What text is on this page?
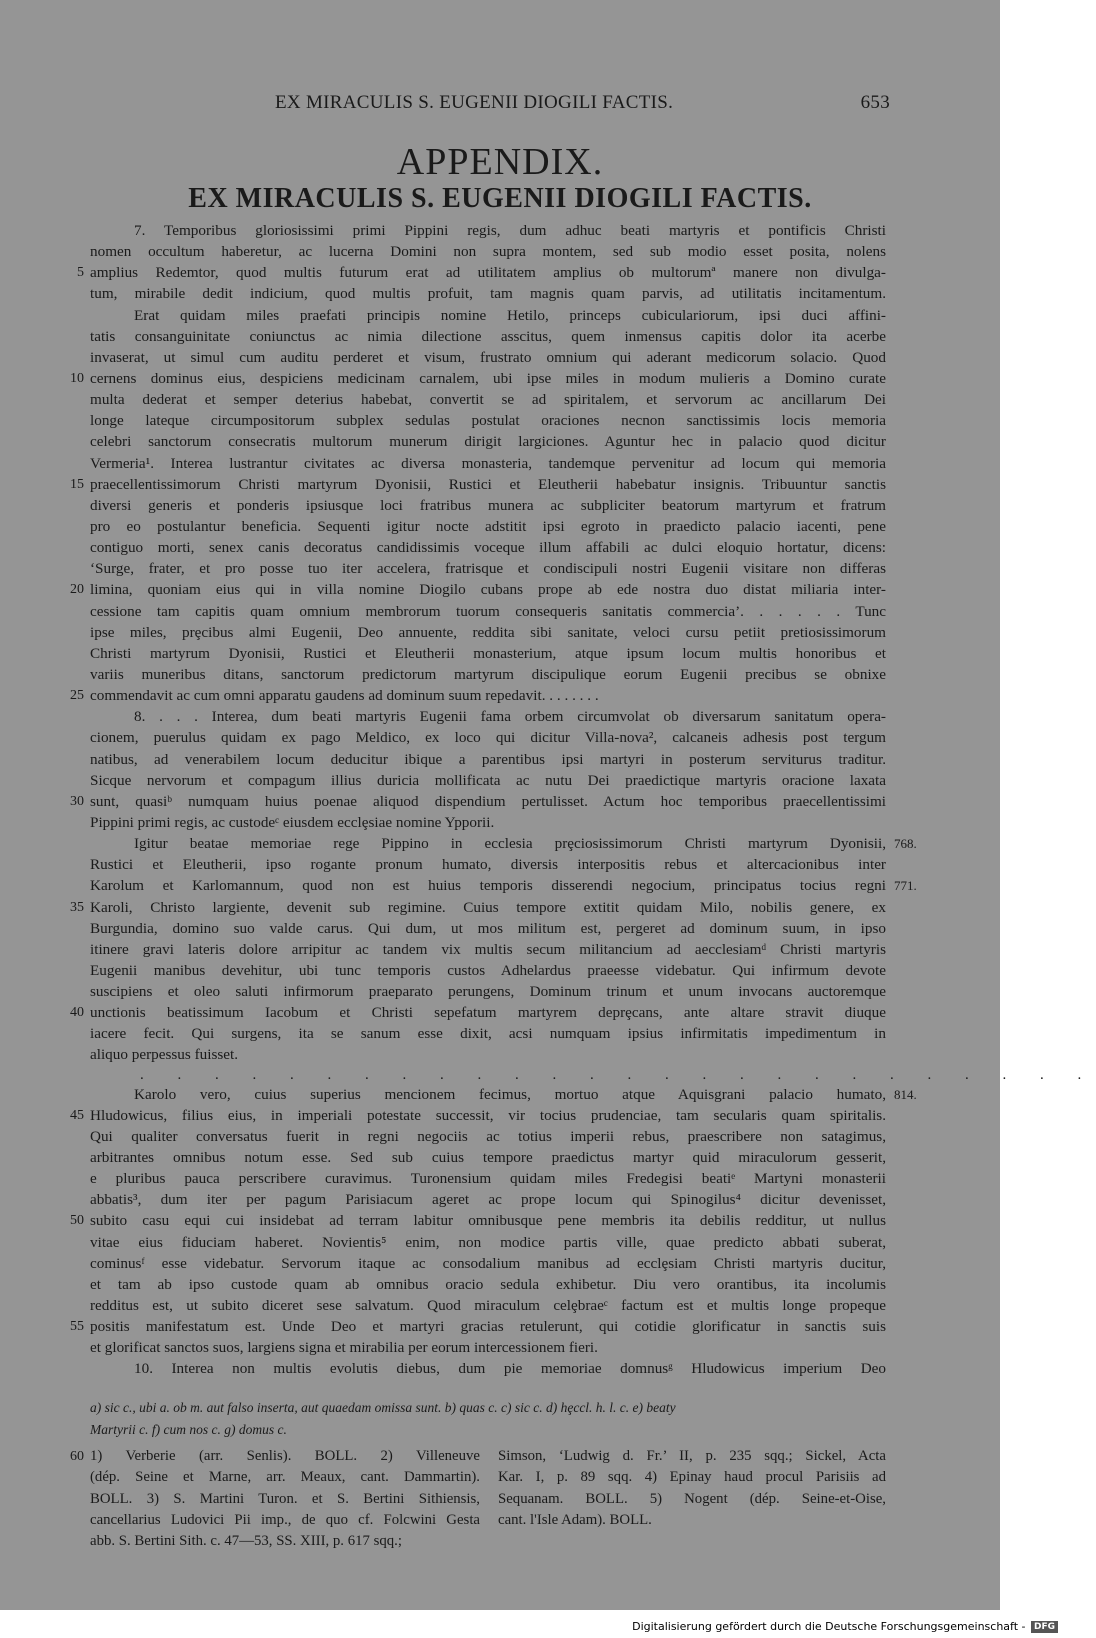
EX MIRACULIS S. EUGENII DIOGILI FACTIS.	653
APPENDIX.
EX MIRACULIS S. EUGENII DIOGILI FACTIS.
7. Temporibus gloriosissimi primi Pippini regis, dum adhuc beati martyris et pontificis Christi
nomen occultum haberetur, ac lucerna Domini non supra montem, sed sub modio esset posita, nolens
5 amplius Redemtor, quod multis futurum erat ad utilitatem amplius ob multorumª manere non divulga-
tum, mirabile dedit indicium, quod multis profuit, tam magnis quam parvis, ad utilitatis incitamentum.
Erat quidam miles praefati principis nomine Hetilo, princeps cubiculariorum, ipsi duci affini-
tatis consanguinitate coniunctus ac nimia dilectione asscitus, quem inmensus capitis dolor ita acerbe
invaserat, ut simul cum auditu perderet et visum, frustrato omnium qui aderant medicorum solacio. Quod
10 cernens dominus eius, despiciens medicinam carnalem, ubi ipse miles in modum mulieris a Domino curate
multa dederat et semper deterius habebat, convertit se ad spiritalem, et servorum ac ancillarum Dei
longe lateque circumpositorum subplex sedulas postulat oraciones necnon sanctissimis locis memoria
celebri sanctorum consecratis multorum munerum dirigit largiciones. Aguntur hec in palacio quod dicitur
Vermeria¹. Interea lustrantur civitates ac diversa monasteria, tandemque pervenitur ad locum qui memoria
15 praecellentissimorum Christi martyrum Dyonisii, Rustici et Eleutherii habebatur insignis. Tribuuntur sanctis
diversi generis et ponderis ipsiusque loci fratribus munera ac subpliciter beatorum martyrum et fratrum
pro eo postulantur beneficia. Sequenti igitur nocte adstitit ipsi egroto in praedicto palacio iacenti, pene
contiguo morti, senex canis decoratus candidissimis voceque illum affabili ac dulci eloquio hortatur, dicens:
‘Surge, frater, et pro posse tuo iter accelera, fratrisque et condiscipuli nostri Eugenii visitare non differas
20 limina, quoniam eius qui in villa nomine Diogilo cubans prope ab ede nostra duo distat miliaria inter-
cessione tam capitis quam omnium membrorum tuorum consequeris sanitatis commercia’. . . . . . Tunc
ipse miles, prȩcibus almi Eugenii, Deo annuente, reddita sibi sanitate, veloci cursu petiit pretiosissimorum
Christi martyrum Dyonisii, Rustici et Eleutherii monasterium, atque ipsum locum multis honoribus et
variis muneribus ditans, sanctorum predictorum martyrum discipulique eorum Eugenii precibus se obnixe
25 commendavit ac cum omni apparatu gaudens ad dominum suum repedavit. . . . . . . .
8. . . . Interea, dum beati martyris Eugenii fama orbem circumvolat ob diversarum sanitatum opera-
cionem, puerulus quidam ex pago Meldico, ex loco qui dicitur Villa-nova², calcaneis adhesis post tergum
natibus, ad venerabilem locum deducitur ibique a parentibus ipsi martyri in posterum serviturus traditur.
Sicque nervorum et compagum illius duricia mollificata ac nutu Dei praedictique martyris oracione laxata
30 sunt, quasiᵇ numquam huius poenae aliquod dispendium pertulisset. Actum hoc temporibus praecellentissimi
Pippini primi regis, ac custodeᶜ eiusdem ecclȩsiae nomine Ypporii.
Igitur beatae memoriae rege Pippino in ecclesia prȩciosissimorum Christi martyrum Dyonisii, 768.
Rustici et Eleutherii, ipso rogante pronum humato, diversis interpositis rebus et altercacionibus inter
Karolum et Karlomannum, quod non est huius temporis disserendi negocium, principatus tocius regni 771.
35 Karoli, Christo largiente, devenit sub regimine. Cuius tempore extitit quidam Milo, nobilis genere, ex
Burgundia, domino suo valde carus. Qui dum, ut mos militum est, pergeret ad dominum suum, in ipso
itinere gravi lateris dolore arripitur ac tandem vix multis secum militancium ad aecclesiamᵈ Christi martyris
Eugenii manibus devehitur, ubi tunc temporis custos Adhelardus praeesse videbatur. Qui infirmum devote
suscipiens et oleo saluti infirmorum praeparato perungens, Dominum trinum et unum invocans auctoremque
40 unctionis beatissimum Iacobum et Christi sepefatum martyrem deprȩcans, ante altare stravit diuque
iacere fecit. Qui surgens, ita se sanum esse dixit, acsi numquam ipsius infirmitatis impedimentum in
aliquo perpessus fuisset.
. . . . . . . . . . . . . . . . . . . . . . . . . .
Karolo vero, cuius superius mencionem fecimus, mortuo atque Aquisgrani palacio humato, 814.
45 Hludowicus, filius eius, in imperiali potestate successit, vir tocius prudenciae, tam secularis quam spiritalis.
Qui qualiter conversatus fuerit in regni negociis ac totius imperii rebus, praescribere non satagimus,
arbitrantes omnibus notum esse. Sed sub cuius tempore praedictus martyr quid miraculorum gesserit,
e pluribus pauca perscribere curavimus. Turonensium quidam miles Fredegisi beatiᵉ Martyni monasterii
abbatis³, dum iter per pagum Parisiacum ageret ac prope locum qui Spinogilus⁴ dicitur devenisset,
50 subito casu equi cui insidebat ad terram labitur omnibusque pene membris ita debilis redditur, ut nullus
vitae eius fiduciam haberet. Novientis⁵ enim, non modice partis ville, quae predicto abbati suberat,
cominusᶠ esse videbatur. Servorum itaque ac consodalium manibus ad ecclȩsiam Christi martyris ducitur,
et tam ab ipso custode quam ab omnibus oracio sedula exhibetur. Diu vero orantibus, ita incolumis
redditus est, ut subito diceret sese salvatum. Quod miraculum celȩbraeᶜ factum est et multis longe propeque
55 positis manifestatum est. Unde Deo et martyri gracias retulerunt, qui cotidie glorificatur in sanctis suis
et glorificat sanctos suos, largiens signa et mirabilia per eorum intercessionem fieri.
10. Interea non multis evolutis diebus, dum pie memoriae domnusᵍ Hludowicus imperium Deo
a) sic c., ubi a. ob m. aut falso inserta, aut quaedam omissa sunt. b) quas c. c) sic c. d) hȩccl. h. l. c. e) beaty
Martyrii c. f) cum nos c. g) domus c.
60 1) Verberie (arr. Senlis). BOLL. 2) Villeneuve Simson, ‘Ludwig d. Fr.’ II, p. 235 sqq.; Sickel, Acta
(dép. Seine et Marne, arr. Meaux, cant. Dammartin). Kar. I, p. 89 sqq. 4) Epinay haud procul Parisiis ad
BOLL. 3) S. Martini Turon. et S. Bertini Sithiensis, Sequanam. BOLL. 5) Nogent (dép. Seine-et-Oise,
cancellarius Ludovici Pii imp., de quo cf. Folcwini Gesta cant. l'Isle Adam). BOLL.
abb. S. Bertini Sith. c. 47—53, SS. XIII, p. 617 sqq.;
Digitalisierung gefördert durch die Deutsche Forschungsgemeinschaft - DFG
